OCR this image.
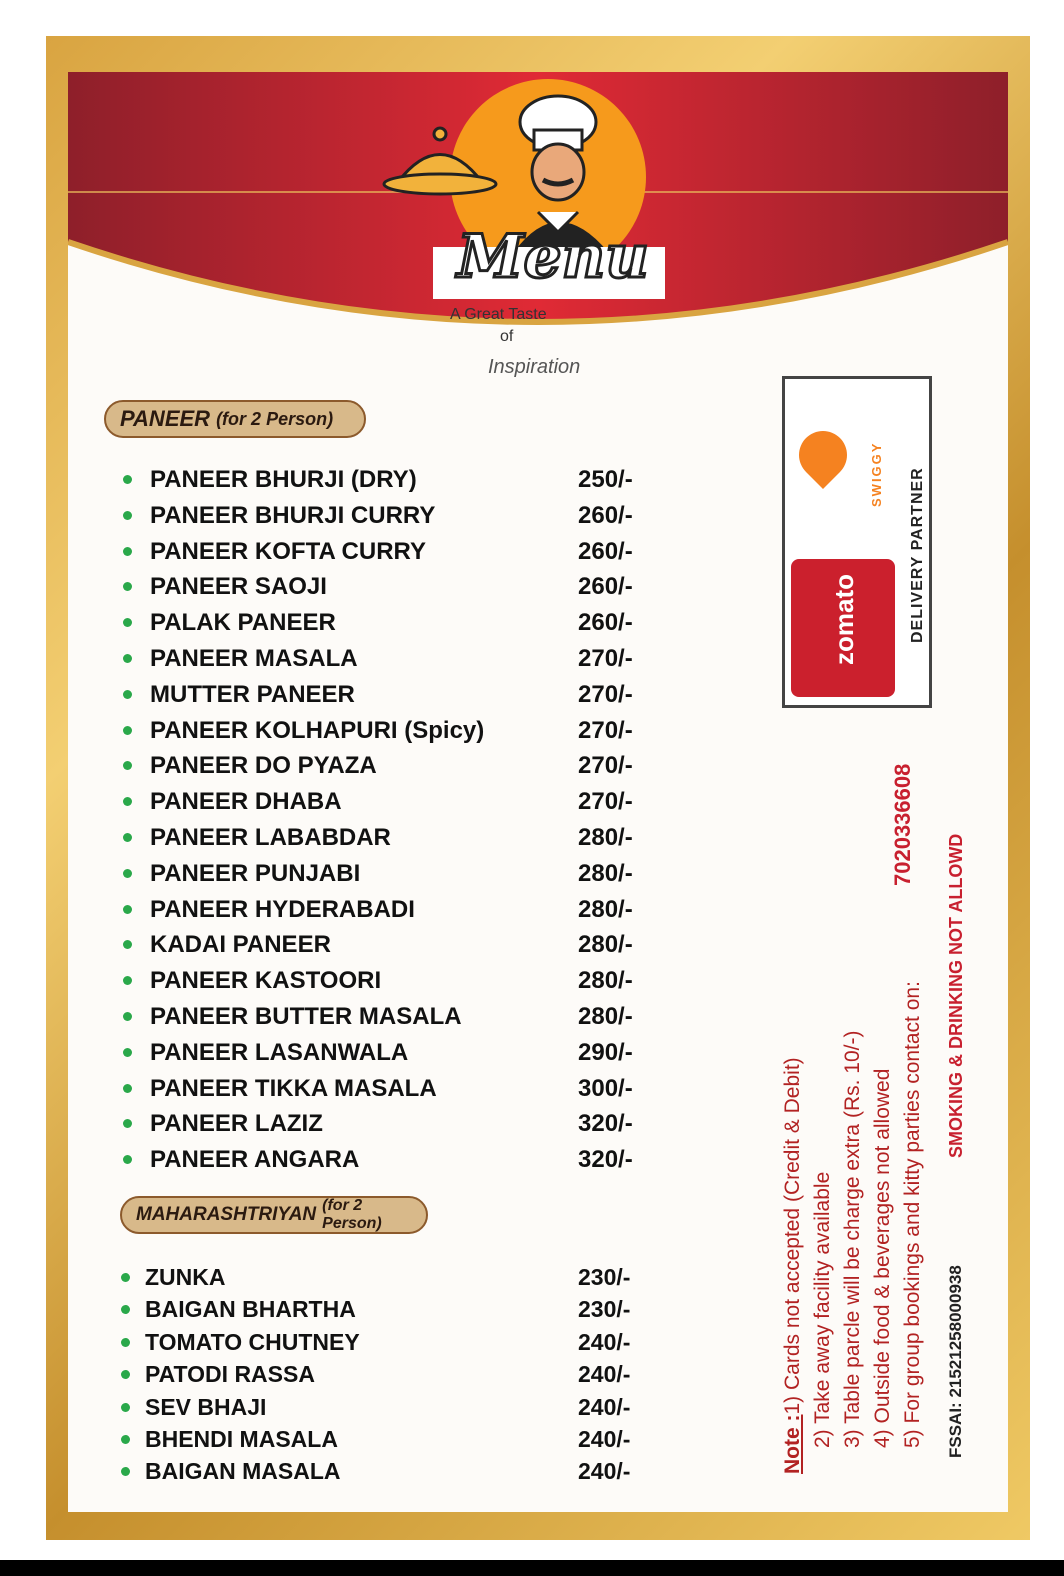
Menu
A Great Taste
of
Inspiration
PANEER (for 2 Person)
PANEER BHURJI (DRY)	250/-
PANEER BHURJI CURRY	260/-
PANEER KOFTA CURRY	260/-
PANEER SAOJI	260/-
PALAK PANEER	260/-
PANEER MASALA	270/-
MUTTER PANEER	270/-
PANEER KOLHAPURI (Spicy)	270/-
PANEER DO PYAZA	270/-
PANEER DHABA	270/-
PANEER LABABDAR	280/-
PANEER PUNJABI	280/-
PANEER HYDERABADI	280/-
KADAI PANEER	280/-
PANEER KASTOORI	280/-
PANEER BUTTER MASALA	280/-
PANEER LASANWALA	290/-
PANEER TIKKA MASALA	300/-
PANEER LAZIZ	320/-
PANEER ANGARA	320/-
MAHARASHTRIYAN (for 2 Person)
ZUNKA	230/-
BAIGAN BHARTHA	230/-
TOMATO CHUTNEY	240/-
PATODI RASSA	240/-
SEV BHAJI	240/-
BHENDI MASALA	240/-
BAIGAN MASALA	240/-
DELIVERY PARTNER
SWIGGY
zomato
7020336608
SMOKING & DRINKING NOT ALLOWD
FSSAI: 21521258000938
Note :1) Cards not accepted (Credit & Debit) 2) Take away facility available 3) Table parcle will be charge extra (Rs. 10/-) 4) Outside food & beverages not allowed 5) For group bookings and kitty parties contact on:
